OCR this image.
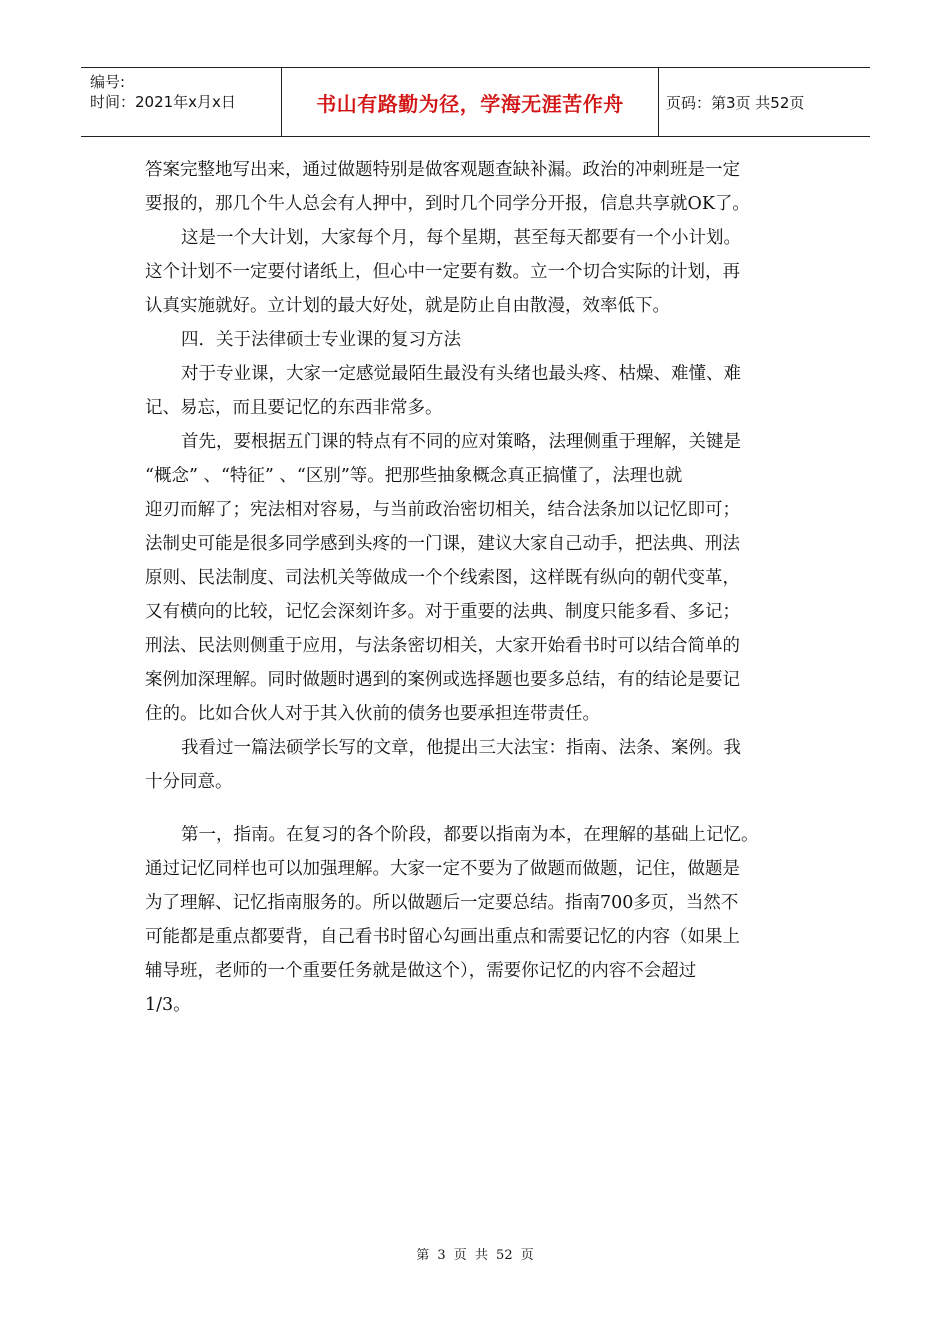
编号:
时间：2021年x月x日	书山有路勤为径，学海无涯苦作舟	页码：第3页 共52页
答案完整地写出来，通过做题特别是做客观题查缺补漏。政治的冲刺班是一定
要报的，那几个牛人总会有人押中，到时几个同学分开报，信息共享就OK了。
这是一个大计划，大家每个月，每个星期，甚至每天都要有一个小计划。
这个计划不一定要付诸纸上，但心中一定要有数。立一个切合实际的计划，再
认真实施就好。立计划的最大好处，就是防止自由散漫，效率低下。
四．关于法律硕士专业课的复习方法
对于专业课，大家一定感觉最陌生最没有头绪也最头疼、枯燥、难懂、难
记、易忘，而且要记忆的东西非常多。
首先，要根据五门课的特点有不同的应对策略，法理侧重于理解，关键是
“概念” 、“特征” 、“区别”等。把那些抽象概念真正搞懂了，法理也就
迎刃而解了；宪法相对容易，与当前政治密切相关，结合法条加以记忆即可；
法制史可能是很多同学感到头疼的一门课，建议大家自己动手，把法典、刑法
原则、民法制度、司法机关等做成一个个线索图，这样既有纵向的朝代变革，
又有横向的比较，记忆会深刻许多。对于重要的法典、制度只能多看、多记；
刑法、民法则侧重于应用，与法条密切相关，大家开始看书时可以结合简单的
案例加深理解。同时做题时遇到的案例或选择题也要多总结，有的结论是要记
住的。比如合伙人对于其入伙前的债务也要承担连带责任。
我看过一篇法硕学长写的文章，他提出三大法宝：指南、法条、案例。我
十分同意。
第一，指南。在复习的各个阶段，都要以指南为本，在理解的基础上记忆。
通过记忆同样也可以加强理解。大家一定不要为了做题而做题，记住，做题是
为了理解、记忆指南服务的。所以做题后一定要总结。指南700多页，当然不
可能都是重点都要背，自己看书时留心勾画出重点和需要记忆的内容（如果上
辅导班，老师的一个重要任务就是做这个），需要你记忆的内容不会超过
1/3。
第 3 页 共 52 页
